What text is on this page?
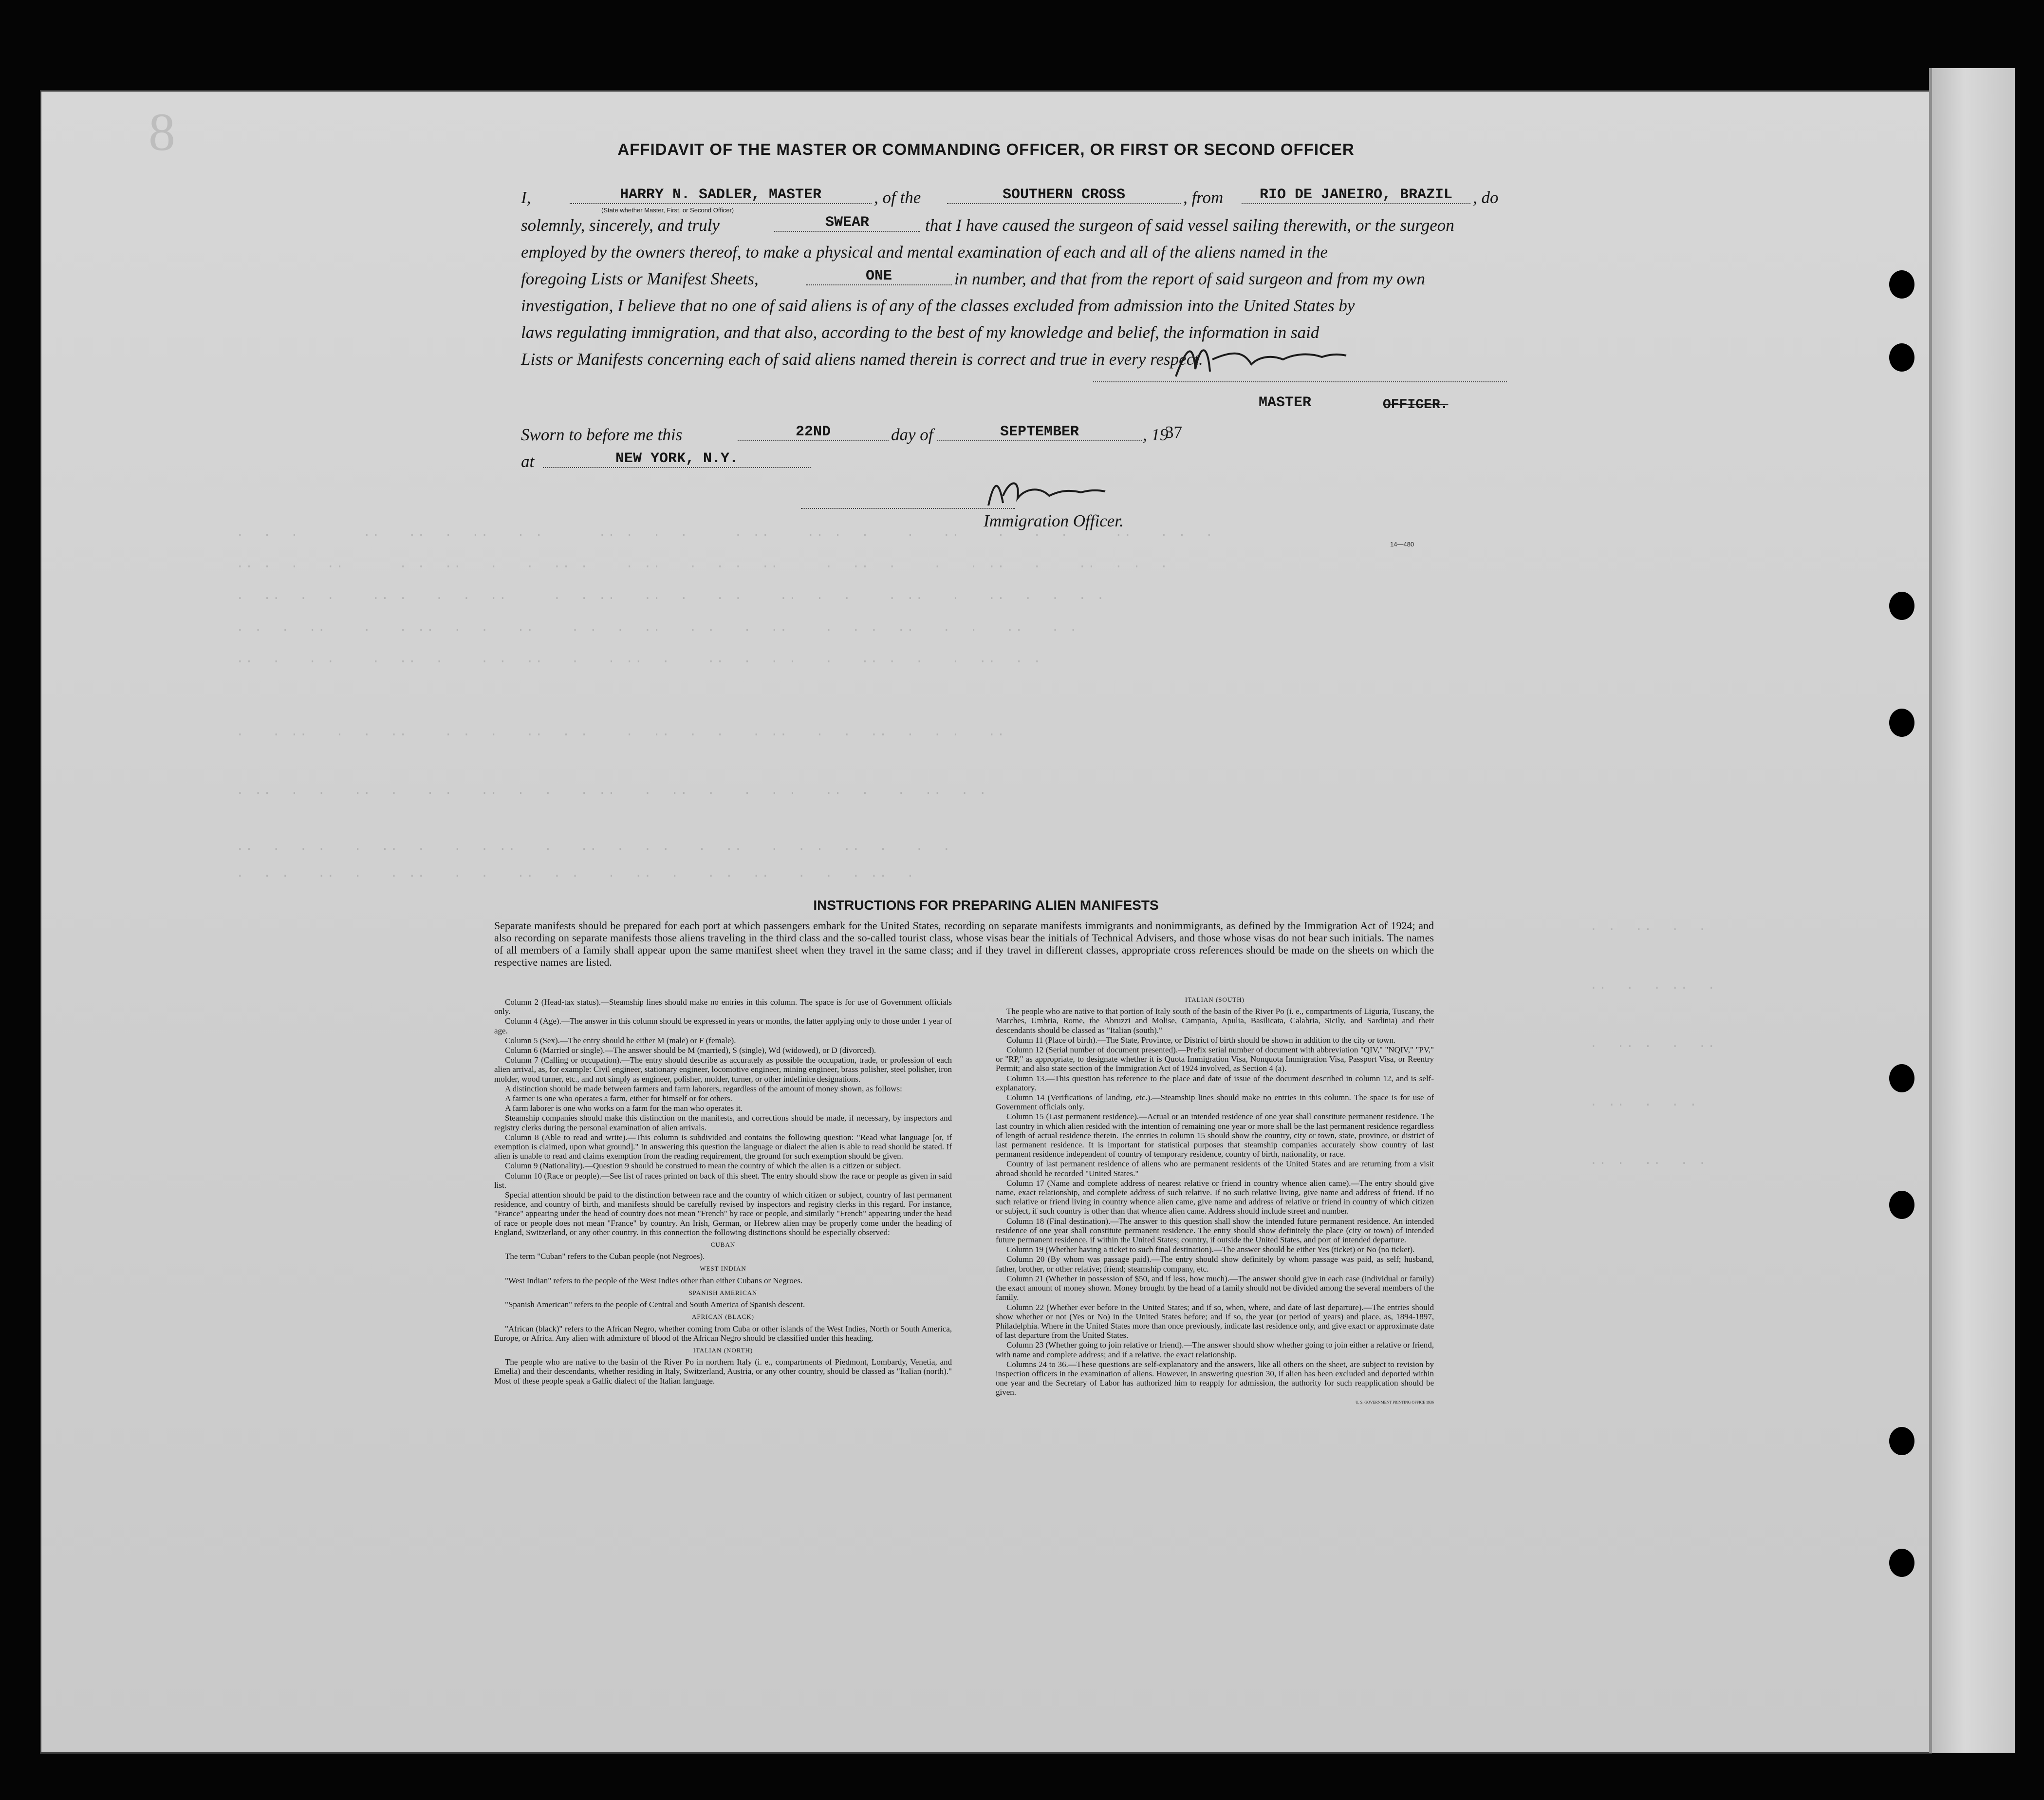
8
.  .  .       ..   ..  .  ..   . .      .. .  .  .     . ..    .. .  .    .   ..    .   .  .     ..   . .  .
.. .  .   ..      . .  ..   .   .  .. .    . ..   .  . .  ..     .  ..  .    .   . ..   .    ..  . .  .
.  ..  .  .    .. .   .  .  ..     .  . ..   ..  .   . .    ..  .  .    . ..   .   ..  .  .  . .
. .  .  ..    .   . ..  .  .   ..    . .  .  ..   . .   .  ..    .  . .  ..   .  .   ..   . .
..  .   . .    .  ..  .    . .  ..   .   . ..  .    ..  .  . .   .   .. .  .   .  ..  . .
.   . ..   .  .  ..    . .  .   ..  . .    .  ..  .  .   . ..   .  .  ..  .  . .   ..
. ..  .  .   ..  .   . .   ..  .  .   . ..   .  ..  .   .  . .   ..  .   .  ..  . .
..  .  . .   .  ..  .   .  . ..   .   ..  .  . .   .  ..   .  . .  ..  .   .  .
.  . .   ..  .   . ..   .  .   ..  . .   .  ..  .   . .  ..   .  .  . ..  .
. .  ..  .  .
..  .  . ..  .
.  .. .  .  ..
. ..  .  . .
.. .  ..  . .
AFFIDAVIT OF THE MASTER OR COMMANDING OFFICER, OR FIRST OR SECOND OFFICER
I,	HARRY N. SADLER, MASTER
(State whether Master, First, or Second Officer)
, of the	SOUTHERN CROSS	, from	RIO DE JANEIRO, BRAZIL	, do
solemnly, sincerely, and truly	SWEAR	that I have caused the surgeon of said vessel sailing therewith, or the surgeon
employed by the owners thereof, to make a physical and mental examination of each and all of the aliens named in the
foregoing Lists or Manifest Sheets,	ONE	in number, and that from the report of said surgeon and from my own
investigation, I believe that no one of said aliens is of any of the classes excluded from admission into the United States by
laws regulating immigration, and that also, according to the best of my knowledge and belief, the information in said
Lists or Manifests concerning each of said aliens named therein is correct and true in every respect.
MASTER	OFFICER.
Sworn to before me this	22ND	day of	SEPTEMBER	, 19
37
at	NEW YORK, N.Y.
Immigration Officer.
14—480
INSTRUCTIONS FOR PREPARING ALIEN MANIFESTS
Separate manifests should be prepared for each port at which passengers embark for the United States, recording on separate manifests immigrants and nonimmigrants, as defined by the Immigration Act of 1924; and also recording on separate manifests those aliens traveling in the third class and the so-called tourist class, whose visas bear the initials of Technical Advisers, and those whose visas do not bear such initials. The names of all members of a family shall appear upon the same manifest sheet when they travel in the same class; and if they travel in different classes, appropriate cross references should be made on the sheets on which the respective names are listed.

Column 2 (Head-tax status).—Steamship lines should make no entries in this column. The space is for use of Government officials only.

Column 4 (Age).—The answer in this column should be expressed in years or months, the latter applying only to those under 1 year of age.

Column 5 (Sex).—The entry should be either M (male) or F (female).

Column 6 (Married or single).—The answer should be M (married), S (single), Wd (widowed), or D (divorced).

Column 7 (Calling or occupation).—The entry should describe as accurately as possible the occupation, trade, or profession of each alien arrival, as, for example: Civil engineer, stationary engineer, locomotive engineer, mining engineer, brass polisher, steel polisher, iron molder, wood turner, etc., and not simply as engineer, polisher, molder, turner, or other indefinite designations.

A distinction should be made between farmers and farm laborers, regardless of the amount of money shown, as follows:

A farmer is one who operates a farm, either for himself or for others.

A farm laborer is one who works on a farm for the man who operates it.

Steamship companies should make this distinction on the manifests, and corrections should be made, if necessary, by inspectors and registry clerks during the personal examination of alien arrivals.

Column 8 (Able to read and write).—This column is subdivided and contains the following question: "Read what language [or, if exemption is claimed, upon what ground]." In answering this question the language or dialect the alien is able to read should be stated. If alien is unable to read and claims exemption from the reading requirement, the ground for such exemption should be given.

Column 9 (Nationality).—Question 9 should be construed to mean the country of which the alien is a citizen or subject.

Column 10 (Race or people).—See list of races printed on back of this sheet. The entry should show the race or people as given in said list.

Special attention should be paid to the distinction between race and the country of which citizen or subject, country of last permanent residence, and country of birth, and manifests should be carefully revised by inspectors and registry clerks in this regard. For instance, "France" appearing under the head of country does not mean "French" by race or people, and similarly "French" appearing under the head of race or people does not mean "France" by country. An Irish, German, or Hebrew alien may be properly come under the heading of England, Switzerland, or any other country. In this connection the following distinctions should be especially observed:

CUBAN

The term "Cuban" refers to the Cuban people (not Negroes).

WEST INDIAN

"West Indian" refers to the people of the West Indies other than either Cubans or Negroes.

SPANISH AMERICAN

"Spanish American" refers to the people of Central and South America of Spanish descent.

AFRICAN (BLACK)

"African (black)" refers to the African Negro, whether coming from Cuba or other islands of the West Indies, North or South America, Europe, or Africa. Any alien with admixture of blood of the African Negro should be classified under this heading.

ITALIAN (NORTH)

The people who are native to the basin of the River Po in northern Italy (i. e., compartments of Piedmont, Lombardy, Venetia, and Emelia) and their descendants, whether residing in Italy, Switzerland, Austria, or any other country, should be classed as "Italian (north)." Most of these people speak a Gallic dialect of the Italian language.

ITALIAN (SOUTH)

The people who are native to that portion of Italy south of the basin of the River Po (i. e., compartments of Liguria, Tuscany, the Marches, Umbria, Rome, the Abruzzi and Molise, Campania, Apulia, Basilicata, Calabria, Sicily, and Sardinia) and their descendants should be classed as "Italian (south)."

Column 11 (Place of birth).—The State, Province, or District of birth should be shown in addition to the city or town.

Column 12 (Serial number of document presented).—Prefix serial number of document with abbreviation "QIV," "NQIV," "PV," or "RP," as appropriate, to designate whether it is Quota Immigration Visa, Nonquota Immigration Visa, Passport Visa, or Reentry Permit; and also state section of the Immigration Act of 1924 involved, as Section 4 (a).

Column 13.—This question has reference to the place and date of issue of the document described in column 12, and is self-explanatory.

Column 14 (Verifications of landing, etc.).—Steamship lines should make no entries in this column. The space is for use of Government officials only.

Column 15 (Last permanent residence).—Actual or an intended residence of one year shall constitute permanent residence. The last country in which alien resided with the intention of remaining one year or more shall be the last permanent residence regardless of length of actual residence therein. The entries in column 15 should show the country, city or town, state, province, or district of last permanent residence. It is important for statistical purposes that steamship companies accurately show country of last permanent residence independent of country of temporary residence, country of birth, nationality, or race.

Country of last permanent residence of aliens who are permanent residents of the United States and are returning from a visit abroad should be recorded "United States."

Column 17 (Name and complete address of nearest relative or friend in country whence alien came).—The entry should give name, exact relationship, and complete address of such relative. If no such relative living, give name and address of friend. If no such relative or friend living in country whence alien came, give name and address of relative or friend in country of which citizen or subject, if such country is other than that whence alien came. Address should include street and number.

Column 18 (Final destination).—The answer to this question shall show the intended future permanent residence. An intended residence of one year shall constitute permanent residence. The entry should show definitely the place (city or town) of intended future permanent residence, if within the United States; country, if outside the United States, and port of intended departure.

Column 19 (Whether having a ticket to such final destination).—The answer should be either Yes (ticket) or No (no ticket).

Column 20 (By whom was passage paid).—The entry should show definitely by whom passage was paid, as self; husband, father, brother, or other relative; friend; steamship company, etc.

Column 21 (Whether in possession of $50, and if less, how much).—The answer should give in each case (individual or family) the exact amount of money shown. Money brought by the head of a family should not be divided among the several members of the family.

Column 22 (Whether ever before in the United States; and if so, when, where, and date of last departure).—The entries should show whether or not (Yes or No) in the United States before; and if so, the year (or period of years) and place, as, 1894-1897, Philadelphia. Where in the United States more than once previously, indicate last residence only, and give exact or approximate date of last departure from the United States.

Column 23 (Whether going to join relative or friend).—The answer should show whether going to join either a relative or friend, with name and complete address; and if a relative, the exact relationship.

Columns 24 to 36.—These questions are self-explanatory and the answers, like all others on the sheet, are subject to revision by inspection officers in the examination of aliens. However, in answering question 30, if alien has been excluded and deported within one year and the Secretary of Labor has authorized him to reapply for admission, the authority for such reapplication should be given.

U. S. GOVERNMENT PRINTING OFFICE 1936
